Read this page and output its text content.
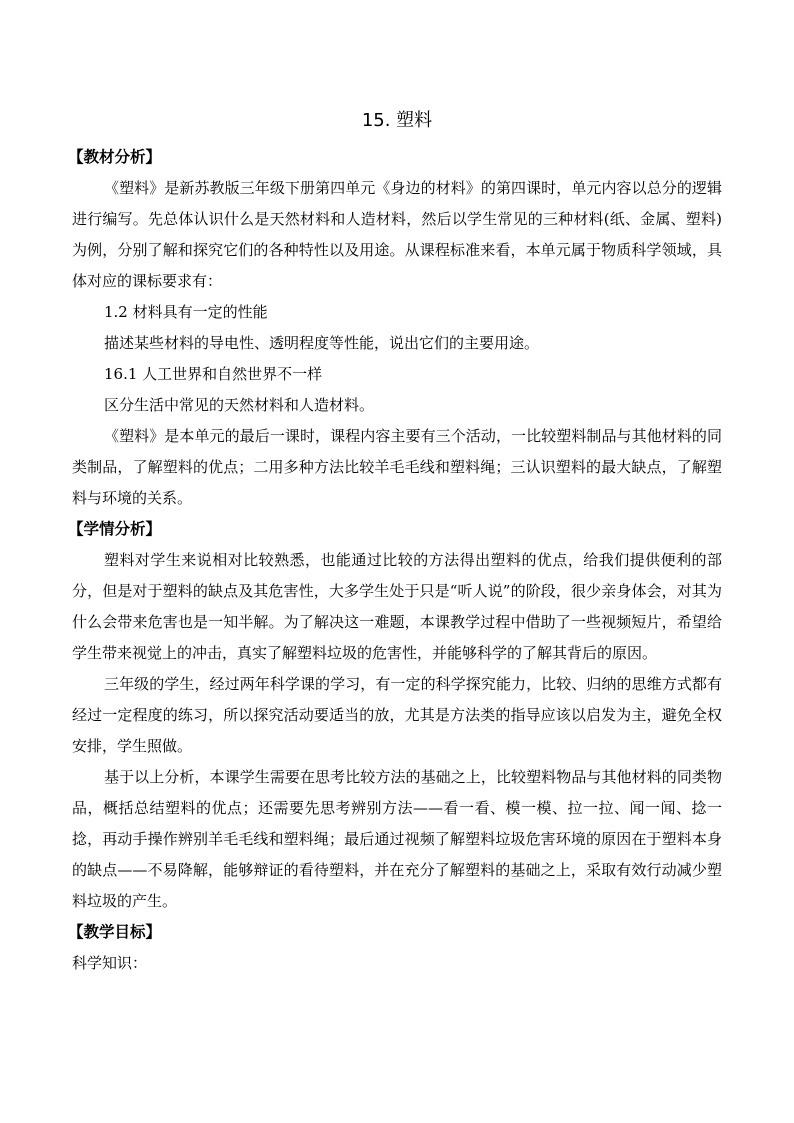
15. 塑料
【教材分析】

《塑料》是新苏教版三年级下册第四单元《身边的材料》的第四课时，单元内容以总分的逻辑进行编写。先总体认识什么是天然材料和人造材料，然后以学生常见的三种材料(纸、金属、塑料)为例，分别了解和探究它们的各种特性以及用途。从课程标准来看，本单元属于物质科学领域，具体对应的课标要求有：

1.2 材料具有一定的性能

描述某些材料的导电性、透明程度等性能，说出它们的主要用途。

16.1 人工世界和自然世界不一样

区分生活中常见的天然材料和人造材料。

《塑料》是本单元的最后一课时，课程内容主要有三个活动，一比较塑料制品与其他材料的同类制品，了解塑料的优点；二用多种方法比较羊毛毛线和塑料绳；三认识塑料的最大缺点，了解塑料与环境的关系。

【学情分析】

塑料对学生来说相对比较熟悉，也能通过比较的方法得出塑料的优点，给我们提供便利的部分，但是对于塑料的缺点及其危害性，大多学生处于只是“听人说”的阶段，很少亲身体会，对其为什么会带来危害也是一知半解。为了解决这一难题，本课教学过程中借助了一些视频短片，希望给学生带来视觉上的冲击，真实了解塑料垃圾的危害性，并能够科学的了解其背后的原因。

三年级的学生，经过两年科学课的学习，有一定的科学探究能力，比较、归纳的思维方式都有经过一定程度的练习，所以探究活动要适当的放，尤其是方法类的指导应该以启发为主，避免全权安排，学生照做。

基于以上分析，本课学生需要在思考比较方法的基础之上，比较塑料物品与其他材料的同类物品，概括总结塑料的优点；还需要先思考辨别方法——看一看、模一模、拉一拉、闻一闻、捻一捻，再动手操作辨别羊毛毛线和塑料绳；最后通过视频了解塑料垃圾危害环境的原因在于塑料本身的缺点——不易降解，能够辩证的看待塑料，并在充分了解塑料的基础之上，采取有效行动减少塑料垃圾的产生。

【教学目标】

科学知识：
